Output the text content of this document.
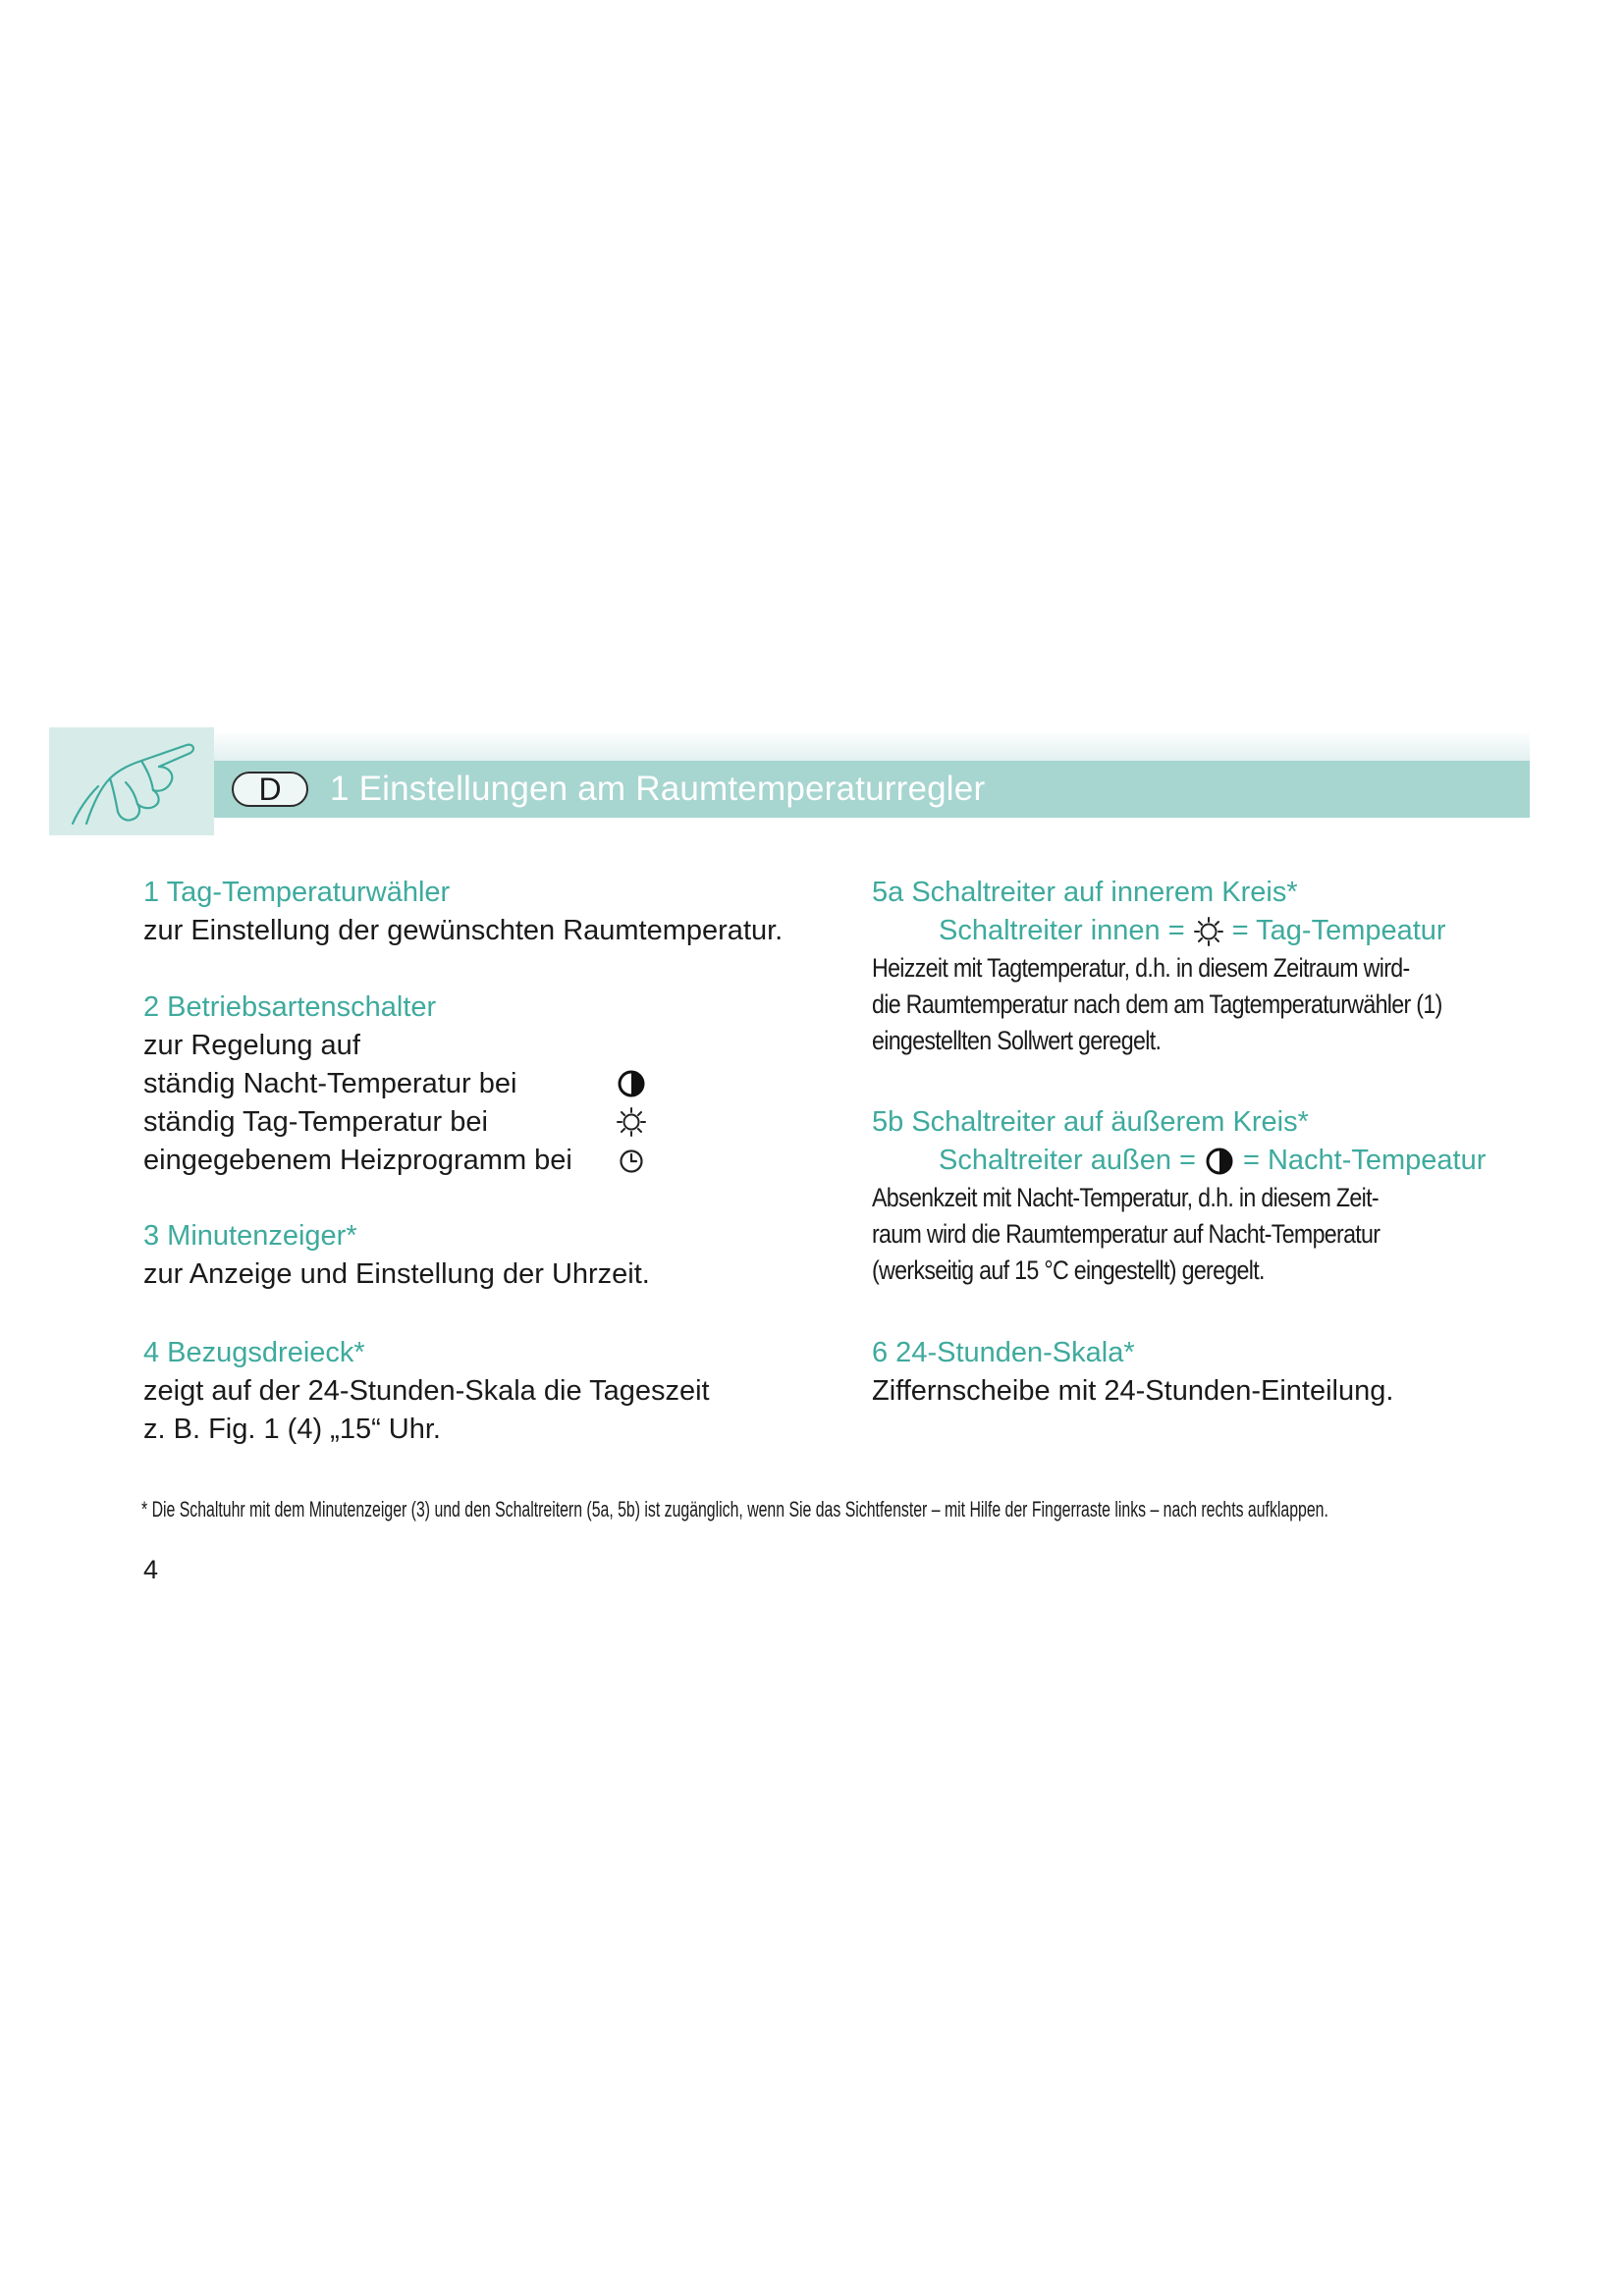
D	1 Einstellungen am Raumtemperaturregler
1 Tag-Temperaturwähler
zur Einstellung der gewünschten Raumtemperatur.
2 Betriebsartenschalter
zur Regelung auf
ständig Nacht-Temperatur bei
ständig Tag-Temperatur bei
eingegebenem Heizprogramm bei
3 Minutenzeiger*
zur Anzeige und Einstellung der Uhrzeit.
4 Bezugsdreieck*
zeigt auf der 24-Stunden-Skala die Tageszeit
z. B. Fig. 1 (4) „15“ Uhr.
5a Schaltreiter auf innerem Kreis*
Schaltreiter innen = = Tag-Tempeatur
Heizzeit mit Tagtemperatur, d.h. in diesem Zeitraum wird-
die Raumtemperatur nach dem am Tagtemperaturwähler (1)
eingestellten Sollwert geregelt.
5b Schaltreiter auf äußerem Kreis*
Schaltreiter außen = = Nacht-Tempeatur
Absenkzeit mit Nacht-Temperatur, d.h. in diesem Zeit-
raum wird die Raumtemperatur auf Nacht-Temperatur
(werkseitig auf 15 °C eingestellt) geregelt.
6 24-Stunden-Skala*
Ziffernscheibe mit 24-Stunden-Einteilung.
* Die Schaltuhr mit dem Minutenzeiger (3) und den Schaltreitern (5a, 5b) ist zugänglich, wenn Sie das Sichtfenster – mit Hilfe der Fingerraste links – nach rechts aufklappen.
4
